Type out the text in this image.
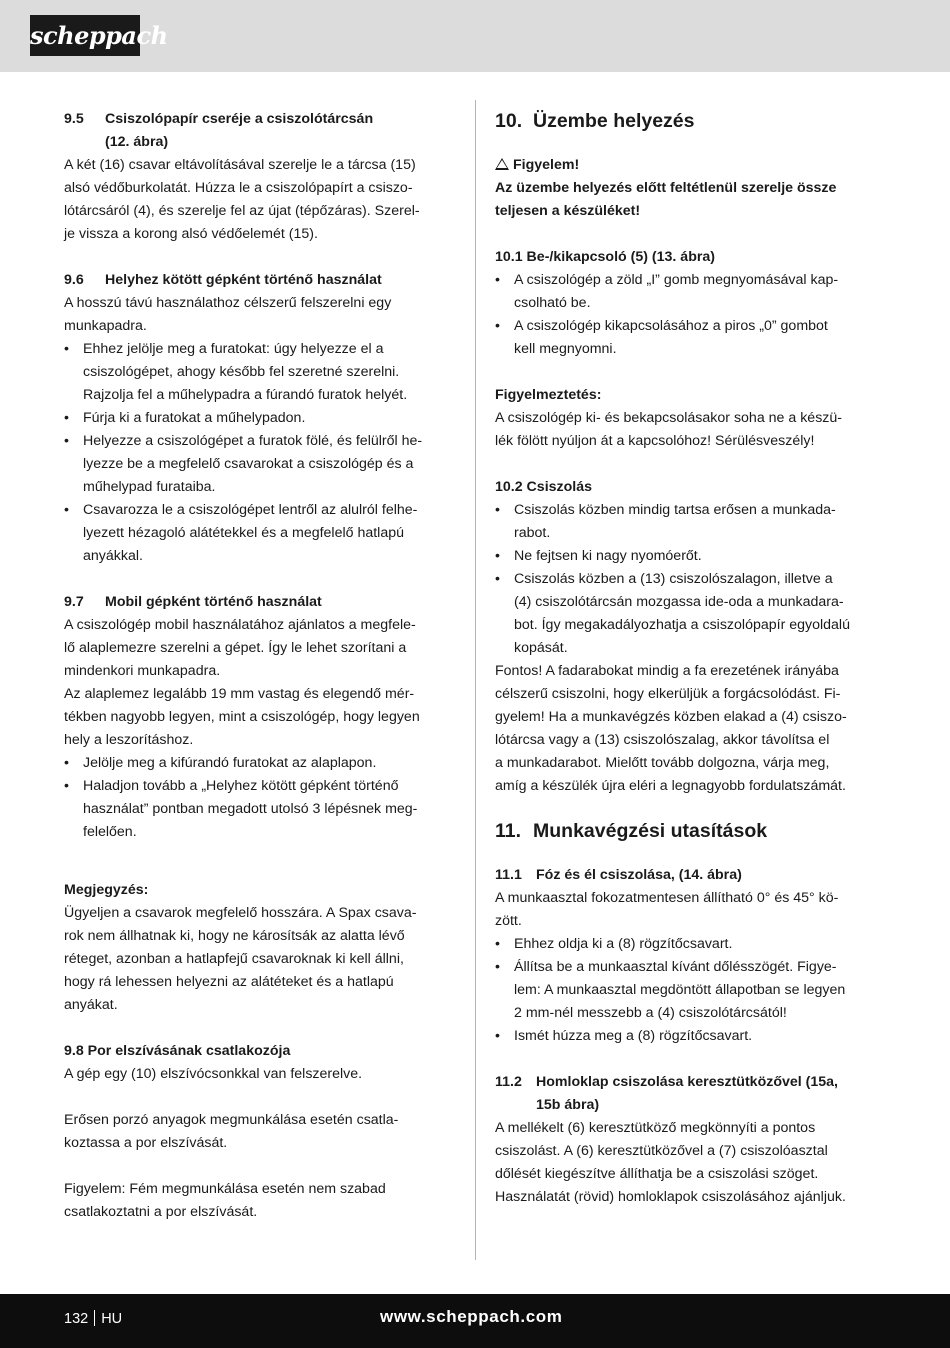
scheppach

9.5 Csiszolópapír cseréje a csiszolótárcsán

(12. ábra)

A két (16) csavar eltávolításával szerelje le a tárcsa (15)

alsó védőburkolatát. Húzza le a csiszolópapírt a csiszo-

lótárcsáról (4), és szerelje fel az újat (tépőzáras). Szerel-

je vissza a korong alsó védőelemét (15).

9.6 Helyhez kötött gépként történő használat

A hosszú távú használathoz célszerű felszerelni egy

munkapadra.

• Ehhez jelölje meg a furatokat: úgy helyezze el a

csiszológépet, ahogy később fel szeretné szerelni.

Rajzolja fel a műhelypadra a fúrandó furatok helyét.

• Fúrja ki a furatokat a műhelypadon.

• Helyezze a csiszológépet a furatok fölé, és felülről he-

lyezze be a megfelelő csavarokat a csiszológép és a

műhelypad furataiba.

• Csavarozza le a csiszológépet lentről az alulról felhe-

lyezett hézagoló alátétekkel és a megfelelő hatlapú

anyákkal.

9.7 Mobil gépként történő használat

A csiszológép mobil használatához ajánlatos a megfele-

lő alaplemezre szerelni a gépet. Így le lehet szorítani a

mindenkori munkapadra.

Az alaplemez legalább 19 mm vastag és elegendő mér-

tékben nagyobb legyen, mint a csiszológép, hogy legyen

hely a leszorításhoz.

• Jelölje meg a kifúrandó furatokat az alaplapon.

• Haladjon tovább a „Helyhez kötött gépként történő

használat” pontban megadott utolsó 3 lépésnek meg-

felelően.

Megjegyzés:

Ügyeljen a csavarok megfelelő hosszára. A Spax csava-

rok nem állhatnak ki, hogy ne károsítsák az alatta lévő

réteget, azonban a hatlapfejű csavaroknak ki kell állni,

hogy rá lehessen helyezni az alátéteket és a hatlapú

anyákat.

9.8 Por elszívásának csatlakozója

A gép egy (10) elszívócsonkkal van felszerelve.

Erősen porzó anyagok megmunkálása esetén csatla-

koztassa a por elszívását.

Figyelem: Fém megmunkálása esetén nem szabad

csatlakoztatni a por elszívását.

10. Üzembe helyezés

Figyelem!

Az üzembe helyezés előtt feltétlenül szerelje össze

teljesen a készüléket!

10.1 Be-/kikapcsoló (5) (13. ábra)

• A csiszológép a zöld „I” gomb megnyomásával kap-

csolható be.

• A csiszológép kikapcsolásához a piros „0” gombot

kell megnyomni.

Figyelmeztetés:

A csiszológép ki- és bekapcsolásakor soha ne a készü-

lék fölött nyúljon át a kapcsolóhoz! Sérülésveszély!

10.2 Csiszolás

• Csiszolás közben mindig tartsa erősen a munkada-

rabot.

• Ne fejtsen ki nagy nyomóerőt.

• Csiszolás közben a (13) csiszolószalagon, illetve a

(4) csiszolótárcsán mozgassa ide-oda a munkadara-

bot. Így megakadályozhatja a csiszolópapír egyoldalú

kopását.

Fontos! A fadarabokat mindig a fa erezetének irányába

célszerű csiszolni, hogy elkerüljük a forgácsolódást. Fi-

gyelem! Ha a munkavégzés közben elakad a (4) csiszo-

lótárcsa vagy a (13) csiszolószalag, akkor távolítsa el

a munkadarabot. Mielőtt tovább dolgozna, várja meg,

amíg a készülék újra eléri a legnagyobb fordulatszámát.

11. Munkavégzési utasítások

11.1 Fóz és él csiszolása, (14. ábra)

A munkaasztal fokozatmentesen állítható 0° és 45° kö-

zött.

• Ehhez oldja ki a (8) rögzítőcsavart.

• Állítsa be a munkaasztal kívánt dőlésszögét. Figye-

lem: A munkaasztal megdöntött állapotban se legyen

2 mm-nél messzebb a (4) csiszolótárcsától!

• Ismét húzza meg a (8) rögzítőcsavart.

11.2 Homloklap csiszolása keresztütközővel (15a,

15b ábra)

A mellékelt (6) keresztütköző megkönnyíti a pontos

csiszolást. A (6) keresztütközővel a (7) csiszolóasztal

dőlését kiegészítve állíthatja be a csiszolási szöget.

Használatát (rövid) homloklapok csiszolásához ajánljuk.

132 HU	www.scheppach.com
